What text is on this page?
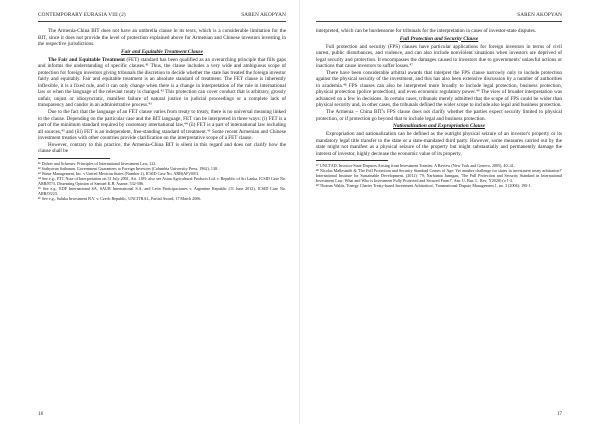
CONTEMPORARY EURASIA VIII (2)	SAREN AKOPYAN

The Armenia-China BIT does not have an umbrella clause in its texts, which is a considerable limitation for the BIT, since it does not provide the level of protection explained above for Armenian and Chinese investors investing in the respective jurisdictions.

Fair and Equitable Treatment Clause

The Fair and Equitable Treatment (FET) standard has been qualified as an overarching principle that fills gaps and informs the understanding of specific clauses.⁴¹ Thus, the clause includes a very wide and ambiguous scope of protection for foreign investors giving tribunals the discretion to decide whether the state has treated the foreign investor fairly and equitably. Fair and equitable treatment is an absolute standard of treatment. The FET clause is inherently inflexible, it is a fixed rule, and it can only change when there is a change in interpretation of the rule in international law or when the language of the relevant treaty is changed.⁴² This protection can cover conduct that is arbitrary, grossly unfair, unjust or idiosyncratic, manifest failure of natural justice in judicial proceedings or a complete lack of transparency and candor in an administrative process.⁴³

Due to the fact that the language of an FET clause varies from treaty to treaty, there is no universal meaning linked to the clause. Depending on the particular case and the BIT language, FET can be interpreted in three ways: (i) FET is a part of the minimum standard required by customary international law,⁴⁴ (ii) FET is a part of international law including all sources,⁴⁵ and (iii) FET is an independent, free-standing standard of treatment.⁴⁶ Some recent Armenian and Chinese investment treaties with other countries provide clarification on the interpretative scope of a FET clause.

However, contrary to this practice, the Armenia-China BIT is silent in this regard and does not clarify how the clause shall be

⁴¹ Dolzer and Schreuer. Principles of International Investment Law, 122.

⁴² Sathyavan Sathanan, Government Guarantees to Foreign Investors (Columbia University Press, 1962), 138.

⁴³ Waste Management, Inc. v United Mexican States (Number 2), ICSID Case No. ARB(AF)/00/3.

⁴⁴ See e.g., FTC Note of Interpretation on 31 July 2001, Art. 1105; also see Asian Agricultural Products Ltd. v. Republic of Sri Lanka, ICSID Case No. ARB/87/3, Dissenting Opinion of Samuel K.B. Asante, 532-586.

⁴⁵ See e.g., EDF International SA, SAUR International S.A. and León Participaciones v. Argentine Republic (11 June 2012), ICSID Case No. ARB/03/23.

⁴⁶ See e.g., Saluka Investment B.V. v. Czech Republic, UNCITRAL, Partial Award, 17 March 2006.

16
SAREN AKOPYAN

interpreted, which can be burdensome for tribunals for the interpretation in cases of investor-state disputes.

Full Protection and Security Clause

Full protection and security (FPS) clauses have particular applications for foreign investors in terms of civil unrest, public disturbances, and violence, and can also include nonviolent situations when investors are deprived of legal security and protection. It encompasses the damages caused to investors due to governments' unlawful actions or inactions that cause investors to suffer losses.⁴⁷

There have been considerable arbitral awards that interpret the FPS clause narrowly only to include protection against the physical security of the investment, and this has also been extensive discussion by a number of authorities in academia.⁴⁸ FPS clauses can also be interpreted more broadly to include legal protection, business protection, physical protection (police protection), and even economic regulatory power.⁴⁹ The view of broader interpretation was advanced on a few in decisions. In certain cases, tribunals merely admitted that the scope of FPS could be wider than physical security and, in other cases, the tribunals defined the wider scope to include also legal and business protection.

The Armenia – China BIT's FPS clause does not clarify whether the parties expect security limited to physical protection, or if protection go beyond that to include legal and business protection.

Nationalization and Expropriation Clause

Expropriation and nationalization can be defined as the outright physical seizure of an investor's property or its mandatory legal title transfer to the state or a state-mandated third party. However, some measures carried out by the state might not manifest as a physical seizure of the property but might substantially and permanently damage the interest of investor, highly decrease the economic value of its property,

⁴⁷ UNCTAD, Investor-State Disputes Arising from Investment Treaties: A Review (New York and Geneva, 2005), 40–41.

⁴⁸ Nicolas Mallesmith & 'The Full Protection and Security Standard Comes of Age: Yet another challenge for states in investment treaty arbitration?' International Institute for Sustainable Development, (2012): 79; Narhamat Junngan, 'The Full Protection and Security Standard in International Investment Law: What and Who is Investment Fully Protected and Secured From?', Am. U. Bus. L. Rev. 7(2020) (o 1-2.

⁴⁹ Thomas Walde, 'Energy Charter Treaty-based Investment Arbitration', Transnational Dispute Management 1, no. 3 (2004): 190-1.

17
